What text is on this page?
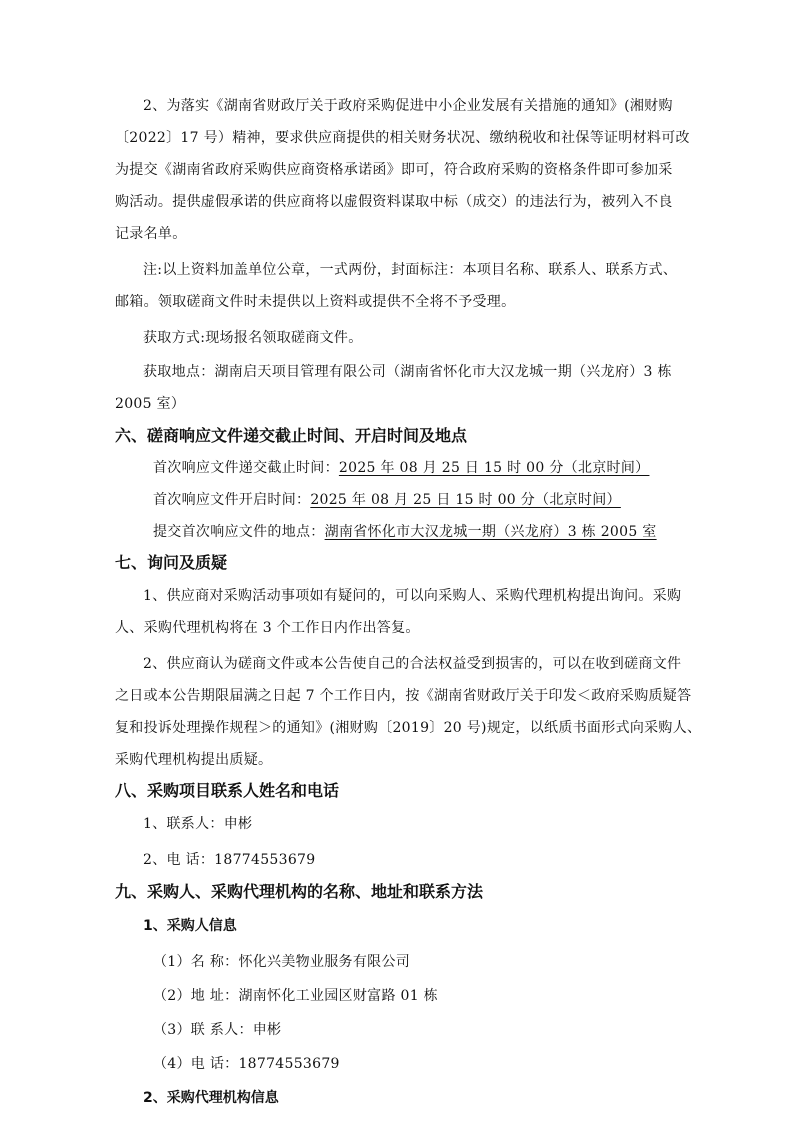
2、为落实《湖南省财政厅关于政府采购促进中小企业发展有关措施的通知》(湘财购

〔2022〕17 号）精神，要求供应商提供的相关财务状况、缴纳税收和社保等证明材料可改

为提交《湖南省政府采购供应商资格承诺函》即可，符合政府采购的资格条件即可参加采

购活动。提供虚假承诺的供应商将以虚假资料谋取中标（成交）的违法行为，被列入不良

记录名单。

注:以上资料加盖单位公章，一式两份，封面标注：本项目名称、联系人、联系方式、

邮箱。领取磋商文件时未提供以上资料或提供不全将不予受理。

获取方式:现场报名领取磋商文件。

获取地点：湖南启天项目管理有限公司（湖南省怀化市大汉龙城一期（兴龙府）3 栋

2005 室）

六、磋商响应文件递交截止时间、开启时间及地点

首次响应文件递交截止时间：2025 年 08 月 25 日 15 时 00 分（北京时间）

首次响应文件开启时间：2025 年 08 月 25 日 15 时 00 分（北京时间）

提交首次响应文件的地点：湖南省怀化市大汉龙城一期（兴龙府）3 栋 2005 室

七、询问及质疑

1、供应商对采购活动事项如有疑问的，可以向采购人、采购代理机构提出询问。采购

人、采购代理机构将在 3 个工作日内作出答复。

2、供应商认为磋商文件或本公告使自己的合法权益受到损害的，可以在收到磋商文件

之日或本公告期限届满之日起 7 个工作日内，按《湖南省财政厅关于印发＜政府采购质疑答

复和投诉处理操作规程＞的通知》(湘财购〔2019〕20 号)规定，以纸质书面形式向采购人、

采购代理机构提出质疑。

八、采购项目联系人姓名和电话

1、联系人：申彬

2、电 话：18774553679

九、采购人、采购代理机构的名称、地址和联系方法

1、采购人信息

（1）名 称：怀化兴美物业服务有限公司

（2）地 址：湖南怀化工业园区财富路 01 栋

（3）联 系人：申彬

（4）电 话：18774553679

2、采购代理机构信息
